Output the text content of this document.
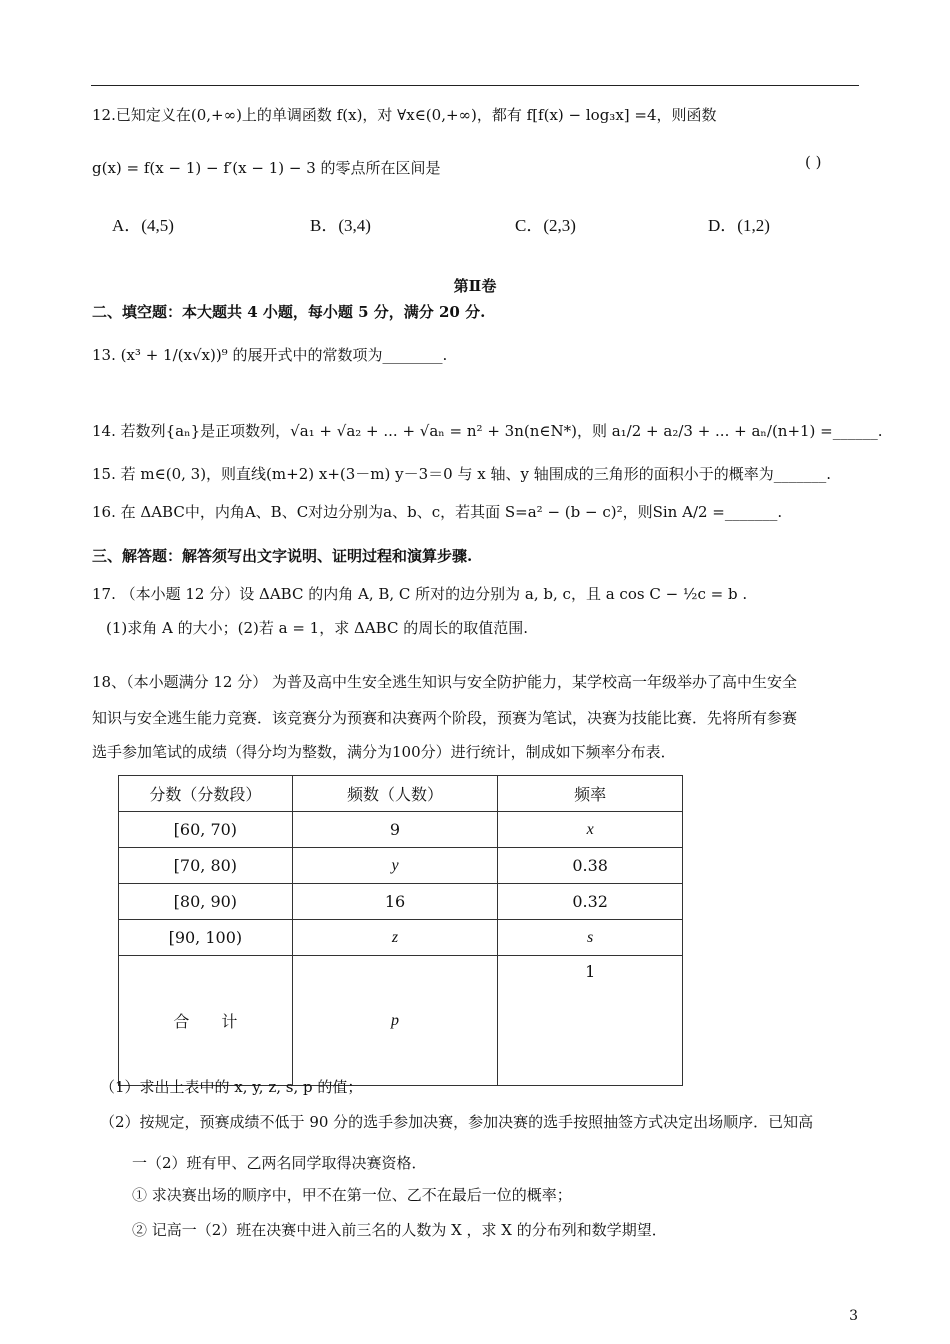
12.已知定义在(0,+∞)上的单调函数 f(x)，对 ∀x∈(0,+∞)，都有 f[f(x) − log₃x] =4，则函数
g(x) = f(x − 1) − f′(x − 1) − 3 的零点所在区间是	( )
A．(4,5)	B．(3,4)	C．(2,3)	D．(1,2)
第Ⅱ卷
二、填空题：本大题共 4 小题，每小题 5 分，满分 20 分.
13. (x³ + 1/(x√x))⁹ 的展开式中的常数项为________.
14. 若数列{aₙ}是正项数列，√a₁ + √a₂ + ... + √aₙ = n² + 3n(n∈N*)，则 a₁/2 + a₂/3 + ... + aₙ/(n+1) =______.
15. 若 m∈(0, 3)，则直线(m+2) x+(3－m) y－3＝0 与 x 轴、y 轴围成的三角形的面积小于的概率为_______.
16. 在 ΔABC中，内角A、B、C对边分别为a、b、c，若其面 S=a² − (b − c)²，则Sin A/2 =_______.
三、解答题：解答须写出文字说明、证明过程和演算步骤.
17. （本小题 12 分）设 ΔABC 的内角 A, B, C 所对的边分别为 a, b, c，且 a cos C − ½c = b .
(1)求角 A 的大小；(2)若 a = 1，求 ΔABC 的周长的取值范围.
18、（本小题满分 12 分） 为普及高中生安全逃生知识与安全防护能力，某学校高一年级举办了高中生安全
知识与安全逃生能力竞赛．该竞赛分为预赛和决赛两个阶段，预赛为笔试，决赛为技能比赛．先将所有参赛
选手参加笔试的成绩（得分均为整数，满分为100分）进行统计，制成如下频率分布表．
分数（分数段）	频数（人数）	频率
[60, 70)	9	x
[70, 80)	y	0.38
[80, 90)	16	0.32
[90, 100)	z	s
合　　计	p	1
（1）求出上表中的 x, y, z, s, p 的值；
（2）按规定，预赛成绩不低于 90 分的选手参加决赛，参加决赛的选手按照抽签方式决定出场顺序．已知高
一（2）班有甲、乙两名同学取得决赛资格．
① 求决赛出场的顺序中，甲不在第一位、乙不在最后一位的概率；
② 记高一（2）班在决赛中进入前三名的人数为 X ，求 X 的分布列和数学期望．
3
